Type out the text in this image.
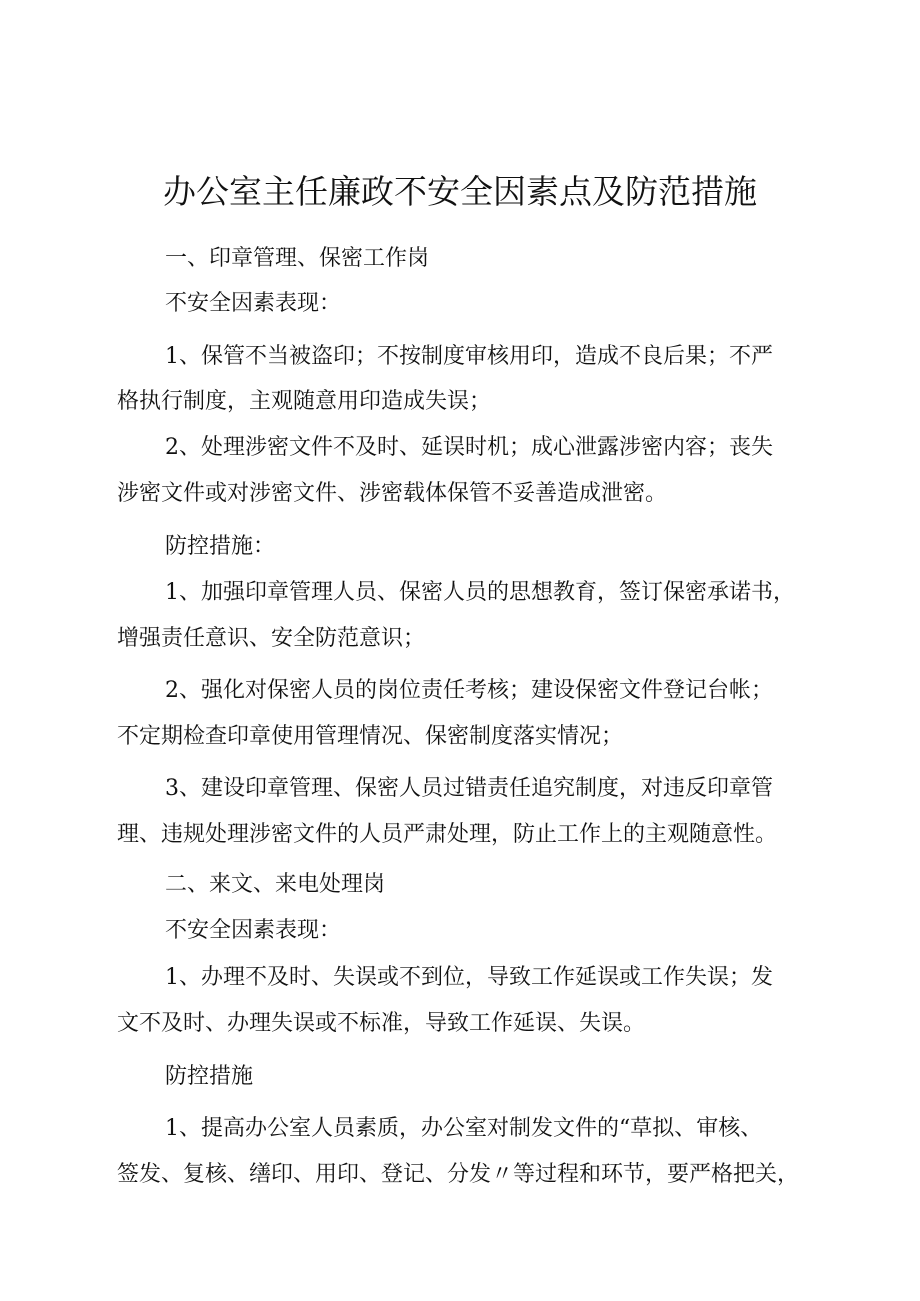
办公室主任廉政不安全因素点及防范措施
一、印章管理、保密工作岗
不安全因素表现：
1、保管不当被盗印；不按制度审核用印，造成不良后果；不严
格执行制度，主观随意用印造成失误；
2、处理涉密文件不及时、延误时机；成心泄露涉密内容；丧失
涉密文件或对涉密文件、涉密载体保管不妥善造成泄密。
防控措施：
1、加强印章管理人员、保密人员的思想教育，签订保密承诺书，
增强责任意识、安全防范意识；
2、强化对保密人员的岗位责任考核；建设保密文件登记台帐；
不定期检查印章使用管理情况、保密制度落实情况；
3、建设印章管理、保密人员过错责任追究制度，对违反印章管
理、违规处理涉密文件的人员严肃处理，防止工作上的主观随意性。
二、来文、来电处理岗
不安全因素表现：
1、办理不及时、失误或不到位，导致工作延误或工作失误；发
文不及时、办理失误或不标准，导致工作延误、失误。
防控措施
1、提高办公室人员素质，办公室对制发文件的“草拟、审核、
签发、复核、缮印、用印、登记、分发〃等过程和环节，要严格把关，
